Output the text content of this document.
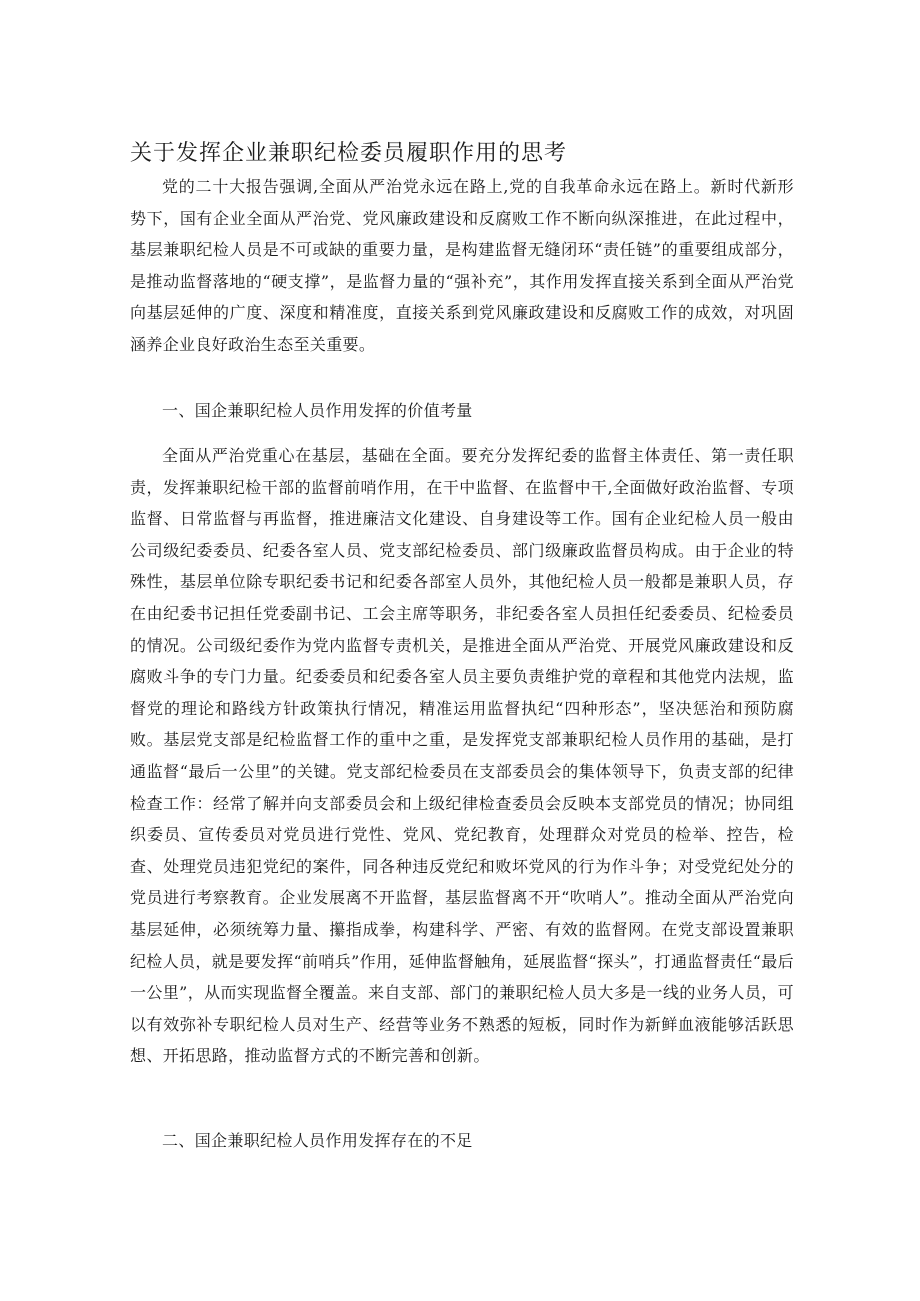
关于发挥企业兼职纪检委员履职作用的思考

党的二十大报告强调,全面从严治党永远在路上,党的自我革命永远在路上。新时代新形势下，国有企业全面从严治党、党风廉政建设和反腐败工作不断向纵深推进，在此过程中，基层兼职纪检人员是不可或缺的重要力量，是构建监督无缝闭环“责任链”的重要组成部分，是推动监督落地的“硬支撑”，是监督力量的“强补充”，其作用发挥直接关系到全面从严治党向基层延伸的广度、深度和精准度，直接关系到党风廉政建设和反腐败工作的成效，对巩固涵养企业良好政治生态至关重要。

一、国企兼职纪检人员作用发挥的价值考量

全面从严治党重心在基层，基础在全面。要充分发挥纪委的监督主体责任、第一责任职责，发挥兼职纪检干部的监督前哨作用，在干中监督、在监督中干,全面做好政治监督、专项监督、日常监督与再监督，推进廉洁文化建设、自身建设等工作。国有企业纪检人员一般由公司级纪委委员、纪委各室人员、党支部纪检委员、部门级廉政监督员构成。由于企业的特殊性，基层单位除专职纪委书记和纪委各部室人员外，其他纪检人员一般都是兼职人员，存在由纪委书记担任党委副书记、工会主席等职务，非纪委各室人员担任纪委委员、纪检委员的情况。公司级纪委作为党内监督专责机关，是推进全面从严治党、开展党风廉政建设和反腐败斗争的专门力量。纪委委员和纪委各室人员主要负责维护党的章程和其他党内法规，监督党的理论和路线方针政策执行情况，精准运用监督执纪“四种形态”，坚决惩治和预防腐败。基层党支部是纪检监督工作的重中之重，是发挥党支部兼职纪检人员作用的基础，是打通监督“最后一公里”的关键。党支部纪检委员在支部委员会的集体领导下，负责支部的纪律检查工作：经常了解并向支部委员会和上级纪律检查委员会反映本支部党员的情况；协同组织委员、宣传委员对党员进行党性、党风、党纪教育，处理群众对党员的检举、控告，检查、处理党员违犯党纪的案件，同各种违反党纪和败坏党风的行为作斗争；对受党纪处分的党员进行考察教育。企业发展离不开监督，基层监督离不开“吹哨人”。推动全面从严治党向基层延伸，必须统筹力量、攥指成拳，构建科学、严密、有效的监督网。在党支部设置兼职纪检人员，就是要发挥“前哨兵”作用，延伸监督触角，延展监督“探头”，打通监督责任“最后一公里”，从而实现监督全覆盖。来自支部、部门的兼职纪检人员大多是一线的业务人员，可以有效弥补专职纪检人员对生产、经营等业务不熟悉的短板，同时作为新鲜血液能够活跃思想、开拓思路，推动监督方式的不断完善和创新。

二、国企兼职纪检人员作用发挥存在的不足
